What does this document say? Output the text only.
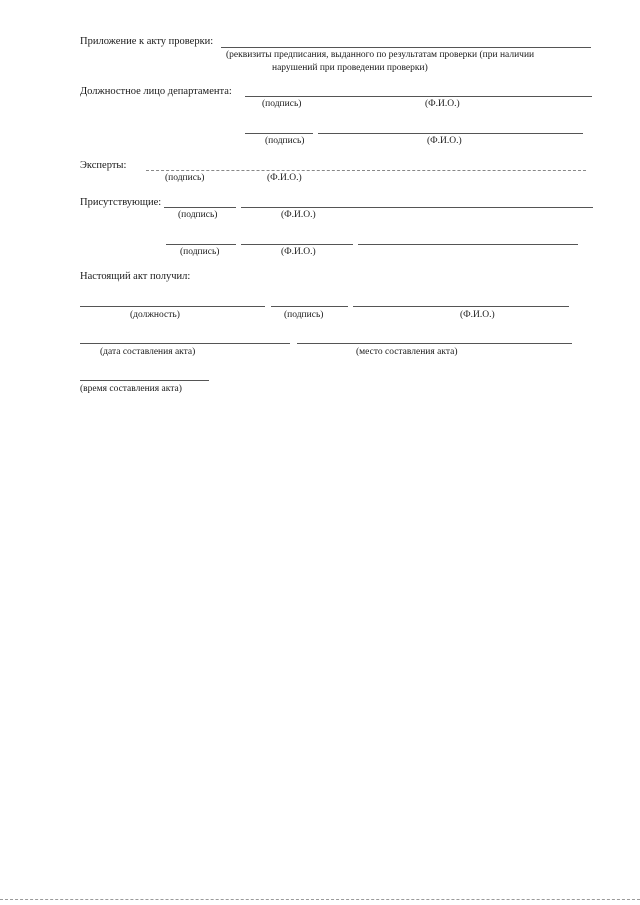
Приложение к акту проверки:
(реквизиты предписания, выданного по результатам проверки (при наличии
нарушений при проведении проверки)
Должностное лицо департамента:
(подпись)	(Ф.И.О.)
(подпись)	(Ф.И.О.)
Эксперты:
(подпись)	(Ф.И.О.)
Присутствующие:
(подпись)	(Ф.И.О.)
(подпись)	(Ф.И.О.)
Настоящий акт получил:
(должность)	(подпись)	(Ф.И.О.)
(дата составления акта)	(место составления акта)
(время составления акта)
